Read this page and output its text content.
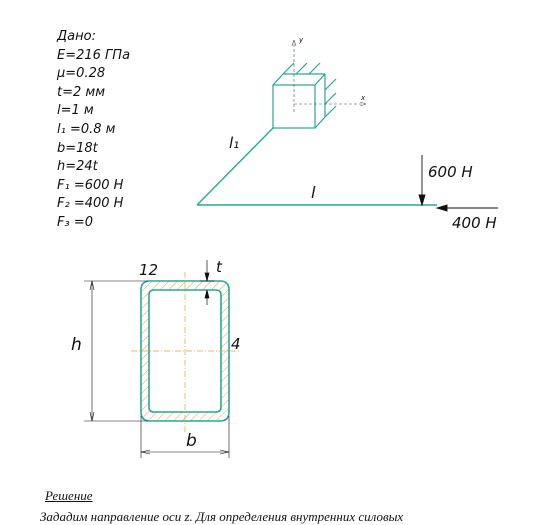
Дано:
E=216 ГПа
μ=0.28
t=2 мм
l=1 м
l₁ =0.8 м
b=18t
h=24t
F₁ =600 Н
F₂ =400 Н
F₃ =0
y
x
l₁
l
600 Н
400 Н
h
b
t
12
4
Решение
Зададим направление оси z. Для определения внутренних силовых
